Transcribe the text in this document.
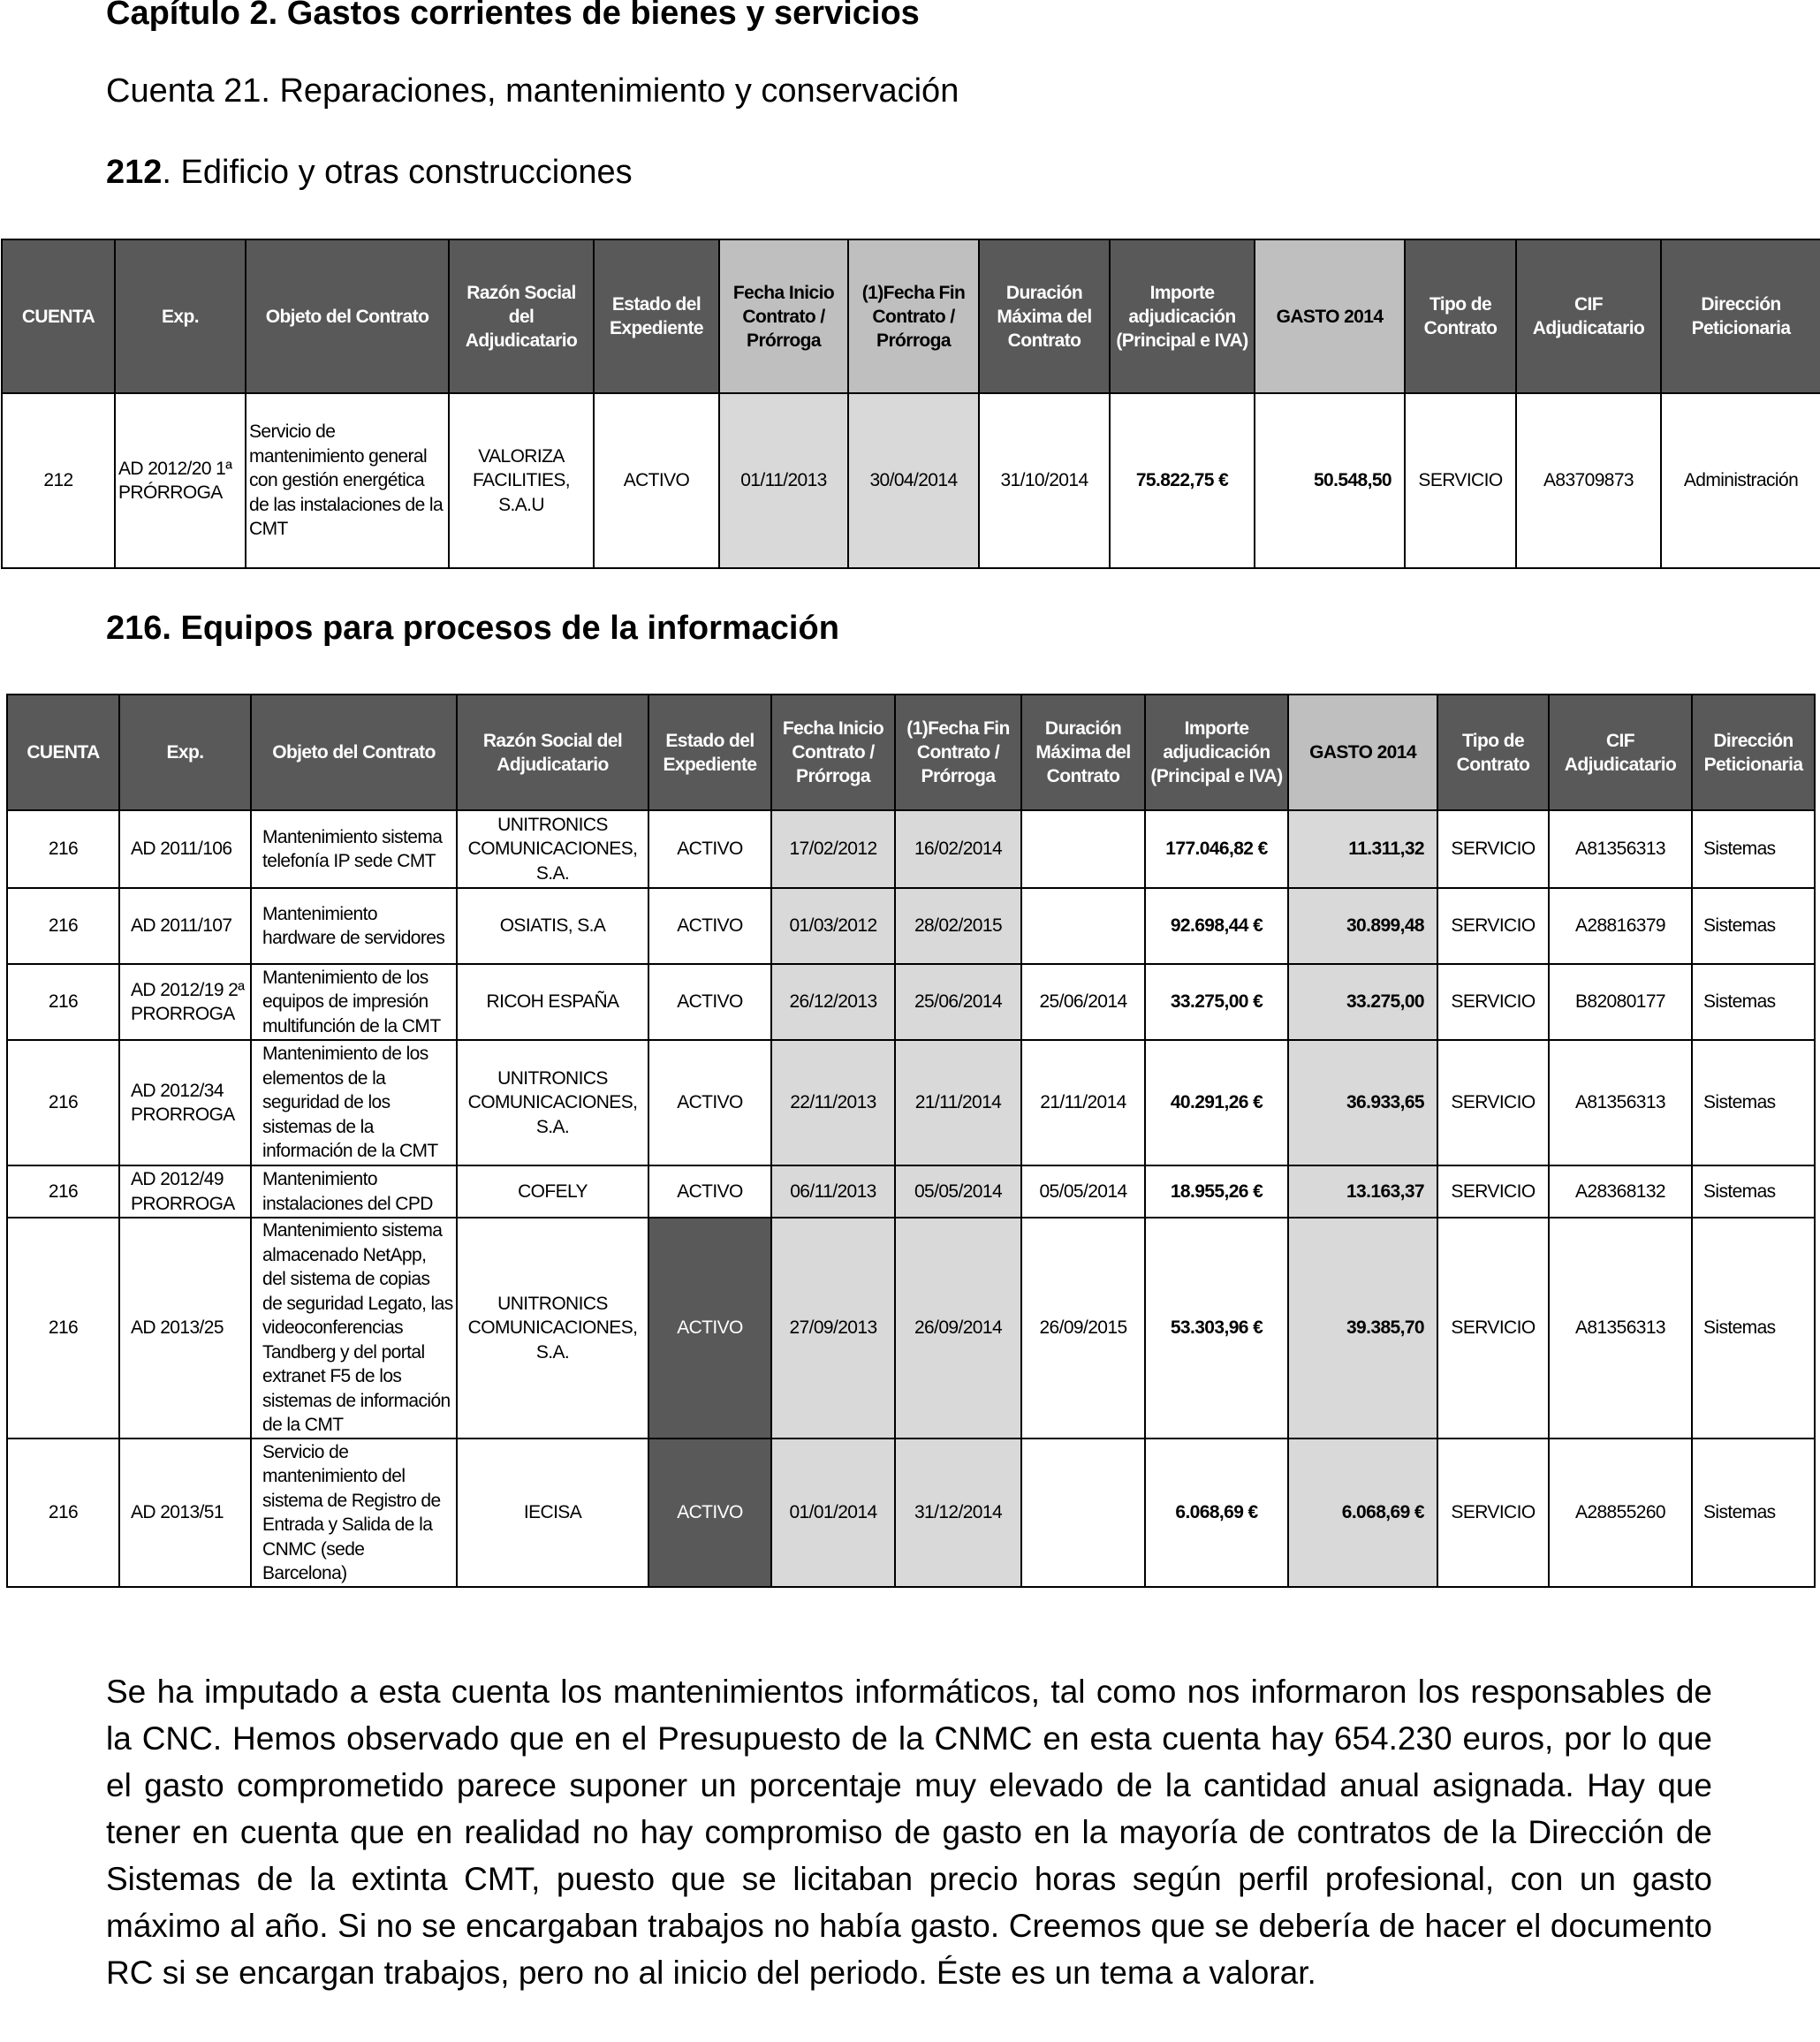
Capítulo 2. Gastos corrientes de bienes y servicios
Cuenta 21. Reparaciones, mantenimiento y conservación
212. Edificio y otras construcciones
CUENTA	Exp.	Objeto del Contrato	Razón Social del Adjudicatario	Estado del Expediente	Fecha Inicio Contrato / Prórroga	(1)Fecha Fin Contrato / Prórroga	Duración Máxima del Contrato	Importe adjudicación (Principal e IVA)	GASTO 2014	Tipo de Contrato	CIF Adjudicatario	Dirección Peticionaria
212	AD 2012/20 1ª PRÓRROGA	Servicio de mantenimiento general con gestión energética de las instalaciones de la CMT	VALORIZA FACILITIES, S.A.U	ACTIVO	01/11/2013	30/04/2014	31/10/2014	75.822,75 €	50.548,50	SERVICIO	A83709873	Administración
216. Equipos para procesos de la información
CUENTA	Exp.	Objeto del Contrato	Razón Social del Adjudicatario	Estado del Expediente	Fecha Inicio Contrato / Prórroga	(1)Fecha Fin Contrato / Prórroga	Duración Máxima del Contrato	Importe adjudicación (Principal e IVA)	GASTO 2014	Tipo de Contrato	CIF Adjudicatario	Dirección Peticionaria
216	AD 2011/106	Mantenimiento sistema telefonía IP sede CMT	UNITRONICS COMUNICACIONES, S.A.	ACTIVO	17/02/2012	16/02/2014		177.046,82 €	11.311,32	SERVICIO	A81356313	Sistemas
216	AD 2011/107	Mantenimiento hardware de servidores	OSIATIS, S.A	ACTIVO	01/03/2012	28/02/2015		92.698,44 €	30.899,48	SERVICIO	A28816379	Sistemas
216	AD 2012/19 2ª PRORROGA	Mantenimiento de los equipos de impresión multifunción de la CMT	RICOH ESPAÑA	ACTIVO	26/12/2013	25/06/2014	25/06/2014	33.275,00 €	33.275,00	SERVICIO	B82080177	Sistemas
216	AD 2012/34 PRORROGA	Mantenimiento de los elementos de la seguridad de los sistemas de la información de la CMT	UNITRONICS COMUNICACIONES, S.A.	ACTIVO	22/11/2013	21/11/2014	21/11/2014	40.291,26 €	36.933,65	SERVICIO	A81356313	Sistemas
216	AD 2012/49 PRORROGA	Mantenimiento instalaciones del CPD	COFELY	ACTIVO	06/11/2013	05/05/2014	05/05/2014	18.955,26 €	13.163,37	SERVICIO	A28368132	Sistemas
216	AD 2013/25	Mantenimiento sistema almacenado NetApp, del sistema de copias de seguridad Legato, las videoconferencias Tandberg y del portal extranet F5 de los sistemas de información de la CMT	UNITRONICS COMUNICACIONES, S.A.	ACTIVO	27/09/2013	26/09/2014	26/09/2015	53.303,96 €	39.385,70	SERVICIO	A81356313	Sistemas
216	AD 2013/51	Servicio de mantenimiento del sistema de Registro de Entrada y Salida de la CNMC (sede Barcelona)	IECISA	ACTIVO	01/01/2014	31/12/2014		6.068,69 €	6.068,69 €	SERVICIO	A28855260	Sistemas
Se ha imputado a esta cuenta los mantenimientos informáticos, tal como nos informaron los responsables de la CNC. Hemos observado que en el Presupuesto de la CNMC en esta cuenta hay 654.230 euros, por lo que el gasto comprometido parece suponer un porcentaje muy elevado de la cantidad anual asignada. Hay que tener en cuenta que en realidad no hay compromiso de gasto en la mayoría de contratos de la Dirección de Sistemas de la extinta CMT, puesto que se licitaban precio horas según perfil profesional, con un gasto máximo al año. Si no se encargaban trabajos no había gasto. Creemos que se debería de hacer el documento RC si se encargan trabajos, pero no al inicio del periodo. Éste es un tema a valorar.
